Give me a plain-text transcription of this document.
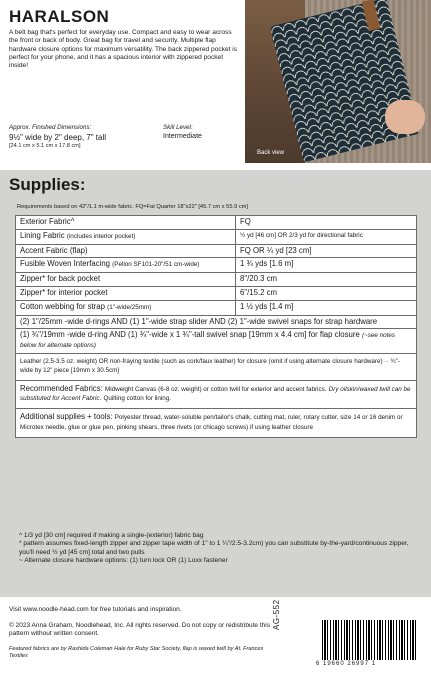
HARALSON
A belt bag that's perfect for everyday use. Compact and easy to wear across the front or back of body. Great bag for travel and security. Multiple flap hardware closure options for maximum versatility. The back zippered pocket is perfect for your phone, and it has a spacious interior with zippered pocket inside!
Approx. Finished Dimensions:
9½" wide by 2" deep, 7" tall
[24.1 cm x 5.1 cm x 17.8 cm]
Skill Level:
Intermediate
Back view
Supplies:
Requirements based on 42"/1.1 m-wide fabric. FQ=Fat Quarter 18"x22" [45.7 cm x 55.9 cm]
Exterior Fabric^	FQ
Lining Fabric (includes interior pocket)	½ yd [46 cm] OR 2/3 yd for directional fabric
Accent Fabric (flap)	FQ OR ¼ yd [23 cm]
Fusible Woven Interfacing (Pellon SF101-20"/51 cm-wide)	1 ¾ yds [1.6 m]
Zipper* for back pocket	8"/20.3 cm
Zipper* for interior pocket	6"/15.2 cm
Cotton webbing for strap (1"-wide/25mm)	1 ½ yds [1.4 m]
(2) 1"/25mm -wide d-rings AND (1) 1"-wide strap slider AND (2) 1"-wide swivel snaps for strap hardware
(1) ¾"/19mm -wide d-ring AND (1) ¾"-wide x 1 ¾"-tall swivel snap [19mm x 4.4 cm] for flap closure (~see notes below for alternate options)
Leather (2.5-3.5 oz. weight) OR non-fraying textile (such as cork/faux leather) for closure (omit if using alternate closure hardware) ·· ¾"-wide by 12" piece [19mm x 30.5cm]
Recommended Fabrics: Midweight Canvas (6-8 oz. weight) or cotton twill for exterior and accent fabrics. Dry oilskin/waxed twill can be substituted for Accent Fabric. Quilting cotton for lining.
Additional supplies + tools: Polyester thread, water-soluble pen/tailor's chalk, cutting mat, ruler, rotary cutter, size 14 or 16 denim or Microtex needle, glue or glue pen, pinking shears, three rivets (or chicago screws) if using leather closure
^ 1/3 yd [30 cm] required if making a single-(exterior) fabric bag
* pattern assumes fixed-length zipper and zipper tape width of 1" to 1 ¼"/2.5-3.2cm) you can substitute by-the-yard/continuous zipper, you'll need ½ yd [45 cm] total and two pulls
~ Alternate closure hardware options: (1) turn lock OR (1) Loxx fastener
Visit www.noodle-head.com for free tutorials and inspiration.
© 2023 Anna Graham, Noodlehead, Inc. All rights reserved. Do not copy or redistribute this pattern without written consent.
Featured fabrics are by Rashida Coleman Hale for Ruby Star Society, flap is waxed twill by At. Frances Textiles
AG-552
6 19660 26997 1
